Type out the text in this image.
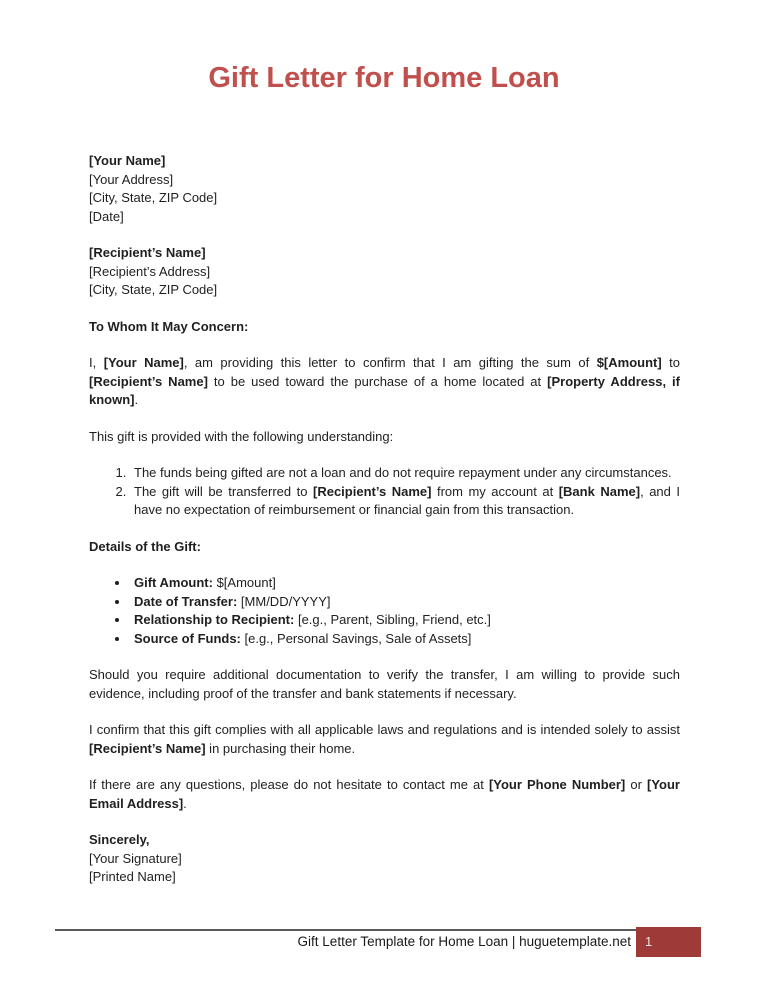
Gift Letter for Home Loan

[Your Name]
[Your Address]
[City, State, ZIP Code]
[Date]

[Recipient’s Name]
[Recipient’s Address]
[City, State, ZIP Code]

To Whom It May Concern:

I, [Your Name], am providing this letter to confirm that I am gifting the sum of $[Amount] to [Recipient’s Name] to be used toward the purchase of a home located at [Property Address, if known].

This gift is provided with the following understanding:

1. The funds being gifted are not a loan and do not require repayment under any circumstances.
2. The gift will be transferred to [Recipient’s Name] from my account at [Bank Name], and I have no expectation of reimbursement or financial gain from this transaction.

Details of the Gift:

• Gift Amount: $[Amount]
• Date of Transfer: [MM/DD/YYYY]
• Relationship to Recipient: [e.g., Parent, Sibling, Friend, etc.]
• Source of Funds: [e.g., Personal Savings, Sale of Assets]

Should you require additional documentation to verify the transfer, I am willing to provide such evidence, including proof of the transfer and bank statements if necessary.

I confirm that this gift complies with all applicable laws and regulations and is intended solely to assist [Recipient’s Name] in purchasing their home.

If there are any questions, please do not hesitate to contact me at [Your Phone Number] or [Your Email Address].

Sincerely,
[Your Signature]
[Printed Name]

Gift Letter Template for Home Loan | huguetemplate.net	1
